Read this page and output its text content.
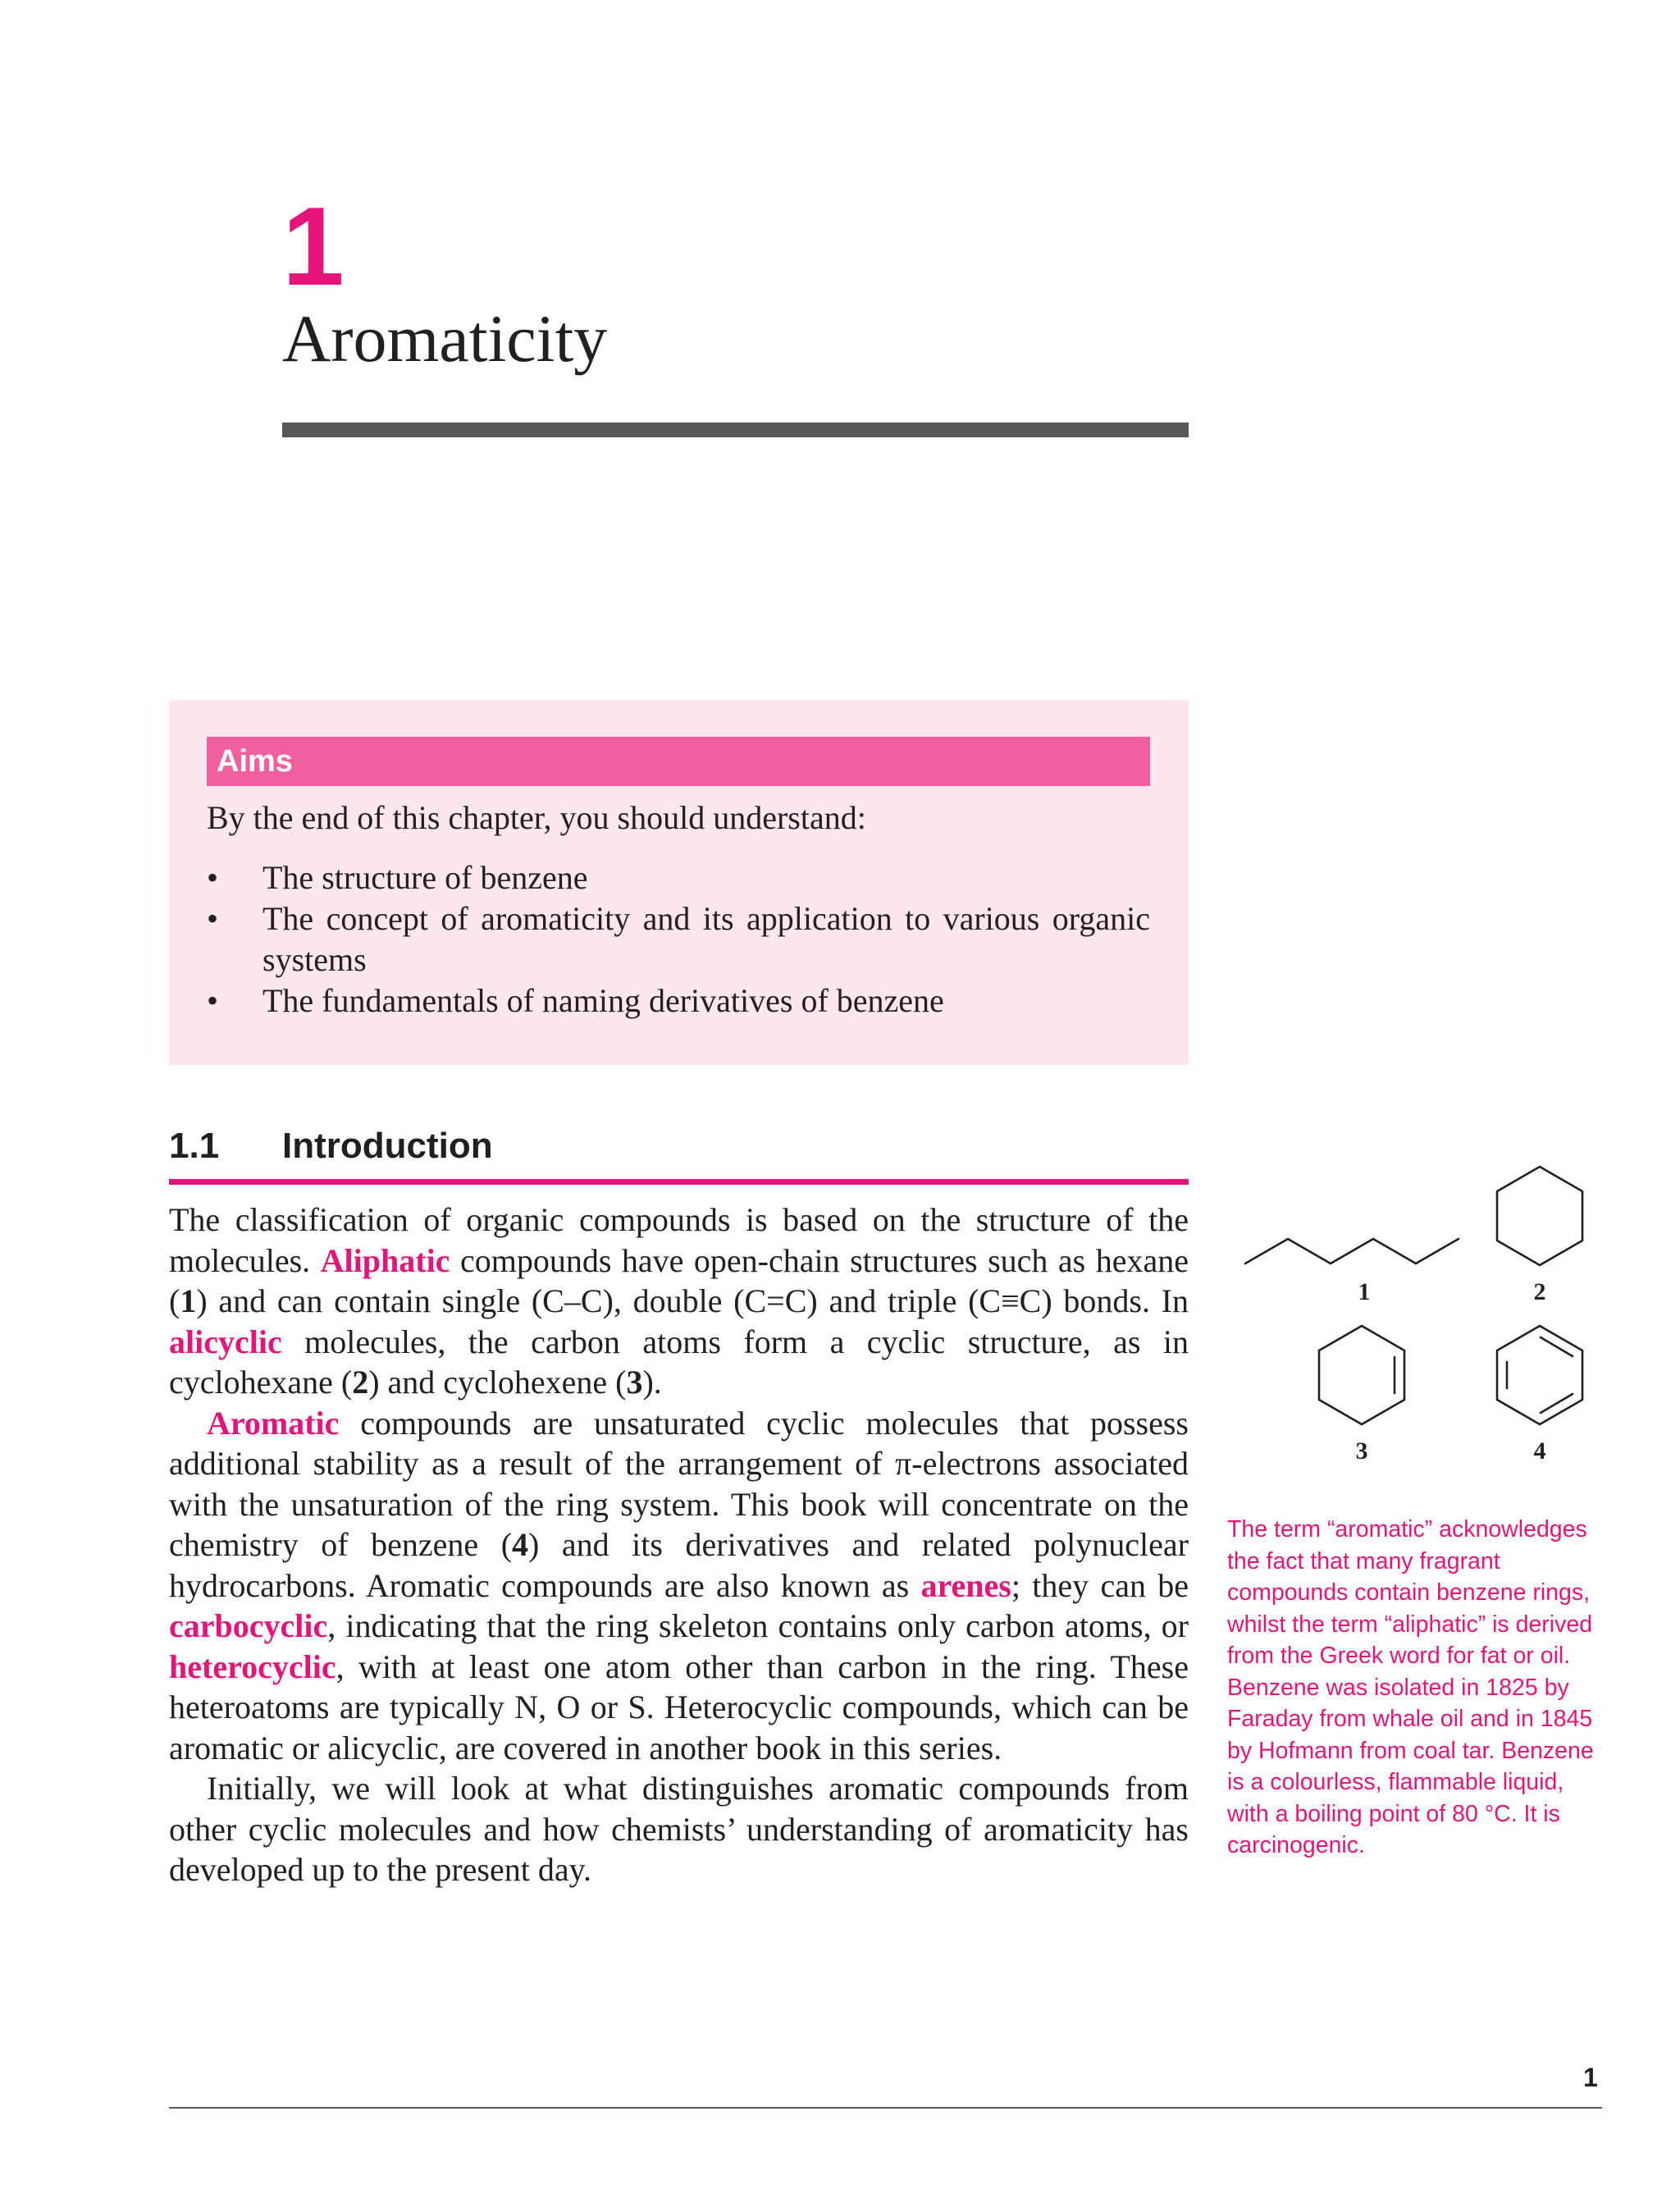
1
Aromaticity
Aims
By the end of this chapter, you should understand:
• The structure of benzene
• The concept of aromaticity and its application to various organic systems
• The fundamentals of naming derivatives of benzene
1.1 Introduction

The classification of organic compounds is based on the structure of the molecules. Aliphatic compounds have open-chain structures such as hexane (1) and can contain single (C–C), double (C=C) and triple (C≡C) bonds. In alicyclic molecules, the carbon atoms form a cyclic structure, as in cyclohexane (2) and cyclohexene (3).

Aromatic compounds are unsaturated cyclic molecules that possess additional stability as a result of the arrangement of π-electrons associated with the unsaturation of the ring system. This book will concentrate on the chemistry of benzene (4) and its derivatives and related polynuclear hydrocarbons. Aromatic compounds are also known as arenes; they can be carbocyclic, indicating that the ring skeleton contains only carbon atoms, or heterocyclic, with at least one atom other than carbon in the ring. These heteroatoms are typically N, O or S. Heterocyclic compounds, which can be aromatic or alicyclic, are covered in another book in this series.

Initially, we will look at what distinguishes aromatic compounds from other cyclic molecules and how chemists’ understanding of aromaticity has developed up to the present day.

1	2
3	4
The term “aromatic” acknowledges the fact that many fragrant compounds contain benzene rings, whilst the term “aliphatic” is derived from the Greek word for fat or oil. Benzene was isolated in 1825 by Faraday from whale oil and in 1845 by Hofmann from coal tar. Benzene is a colourless, flammable liquid, with a boiling point of 80 °C. It is carcinogenic.
1
